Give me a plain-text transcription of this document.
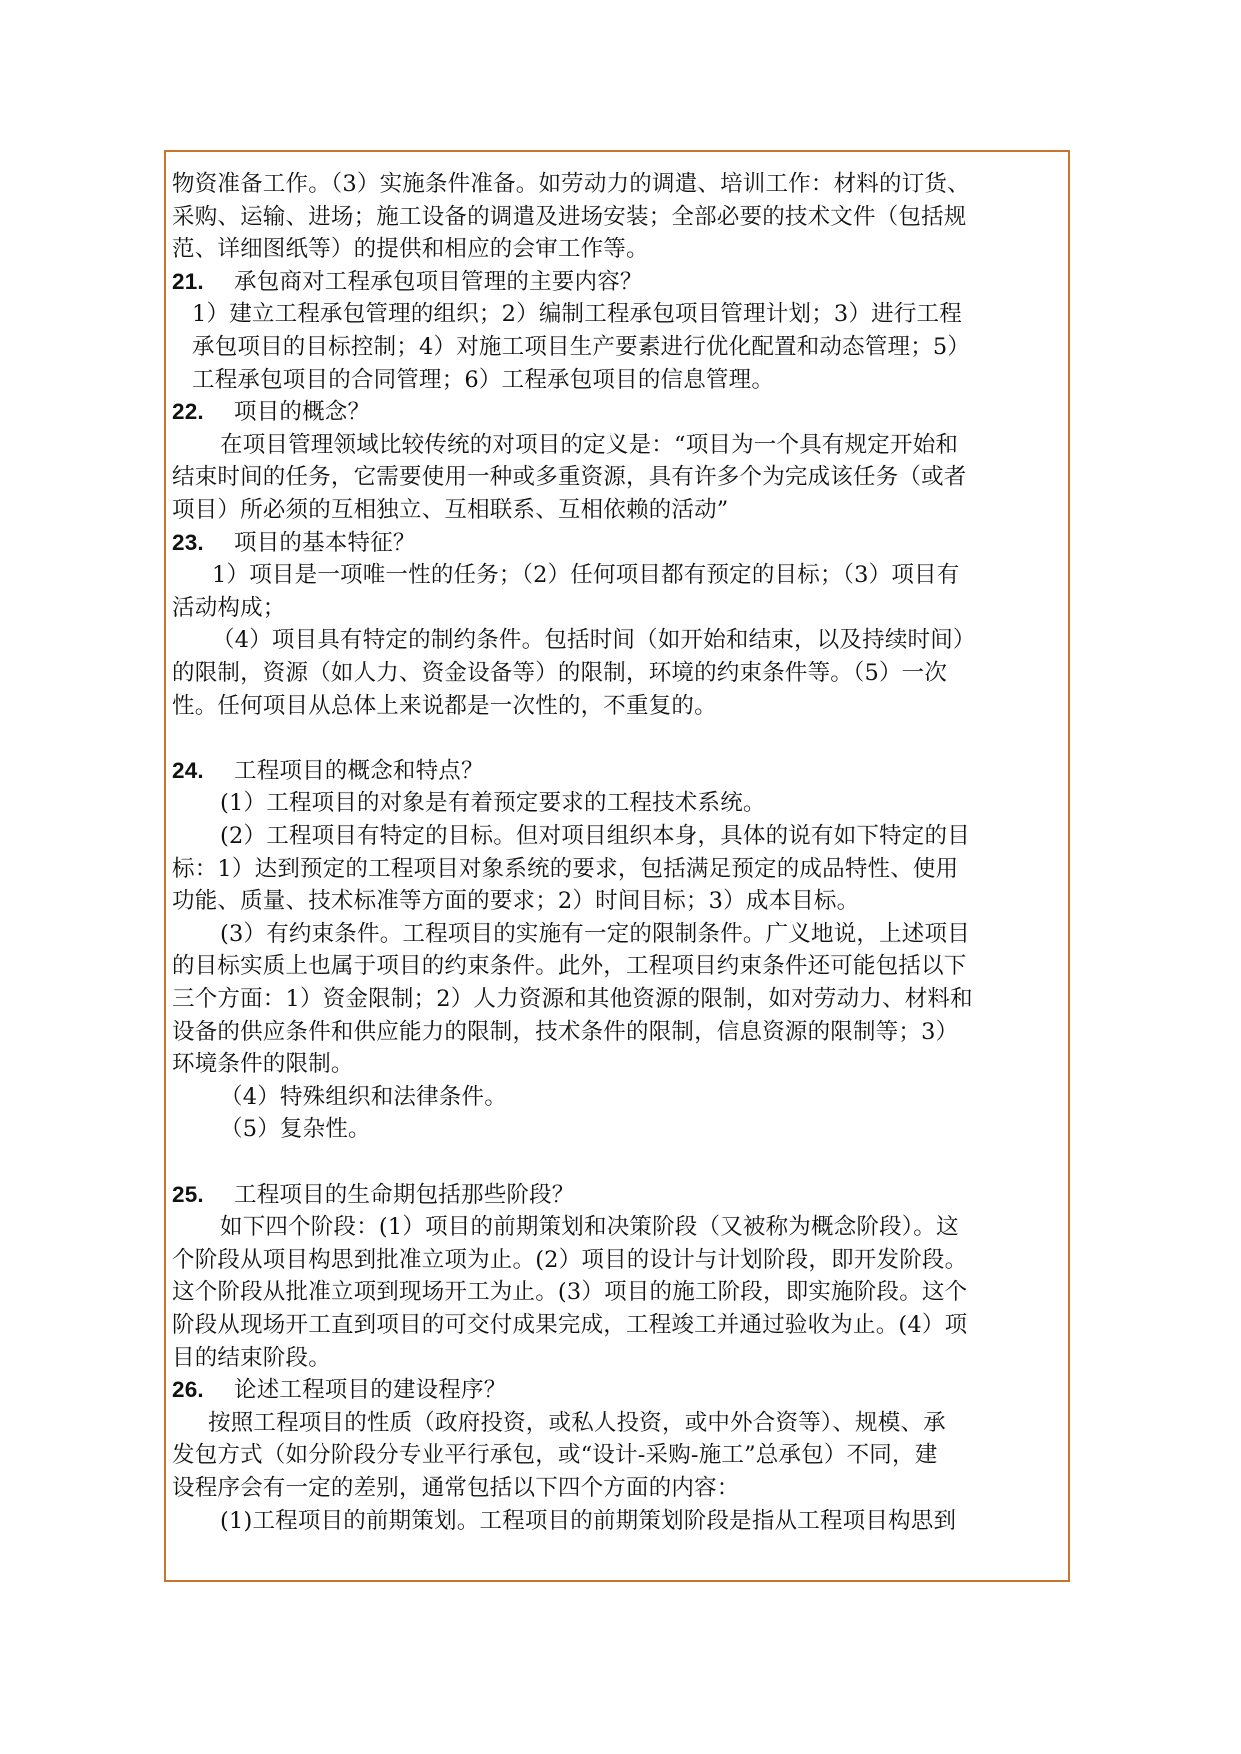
物资准备工作。（3）实施条件准备。如劳动力的调遣、培训工作：材料的订货、
采购、运输、进场；施工设备的调遣及进场安装；全部必要的技术文件（包括规
范、详细图纸等）的提供和相应的会审工作等。
21. 承包商对工程承包项目管理的主要内容？
1）建立工程承包管理的组织；2）编制工程承包项目管理计划；3）进行工程
承包项目的目标控制；4）对施工项目生产要素进行优化配置和动态管理；5）
工程承包项目的合同管理；6）工程承包项目的信息管理。
22. 项目的概念？
在项目管理领域比较传统的对项目的定义是：“项目为一个具有规定开始和
结束时间的任务，它需要使用一种或多重资源，具有许多个为完成该任务（或者
项目）所必须的互相独立、互相联系、互相依赖的活动”
23. 项目的基本特征？
1）项目是一项唯一性的任务；（2）任何项目都有预定的目标；（3）项目有
活动构成；
（4）项目具有特定的制约条件。包括时间（如开始和结束，以及持续时间）
的限制，资源（如人力、资金设备等）的限制，环境的约束条件等。（5）一次
性。任何项目从总体上来说都是一次性的，不重复的。
24. 工程项目的概念和特点？
(1）工程项目的对象是有着预定要求的工程技术系统。
(2）工程项目有特定的目标。但对项目组织本身，具体的说有如下特定的目
标：1）达到预定的工程项目对象系统的要求，包括满足预定的成品特性、使用
功能、质量、技术标准等方面的要求；2）时间目标；3）成本目标。
(3）有约束条件。工程项目的实施有一定的限制条件。广义地说，上述项目
的目标实质上也属于项目的约束条件。此外，工程项目约束条件还可能包括以下
三个方面：1）资金限制；2）人力资源和其他资源的限制，如对劳动力、材料和
设备的供应条件和供应能力的限制，技术条件的限制，信息资源的限制等；3）
环境条件的限制。
（4）特殊组织和法律条件。
（5）复杂性。
25. 工程项目的生命期包括那些阶段？
如下四个阶段：(1）项目的前期策划和决策阶段（又被称为概念阶段）。这
个阶段从项目构思到批准立项为止。(2）项目的设计与计划阶段，即开发阶段。
这个阶段从批准立项到现场开工为止。(3）项目的施工阶段，即实施阶段。这个
阶段从现场开工直到项目的可交付成果完成，工程竣工并通过验收为止。(4）项
目的结束阶段。
26. 论述工程项目的建设程序？
按照工程项目的性质（政府投资，或私人投资，或中外合资等）、规模、承
发包方式（如分阶段分专业平行承包，或“设计-采购-施工”总承包）不同，建
设程序会有一定的差别，通常包括以下四个方面的内容：
(1)工程项目的前期策划。工程项目的前期策划阶段是指从工程项目构思到
